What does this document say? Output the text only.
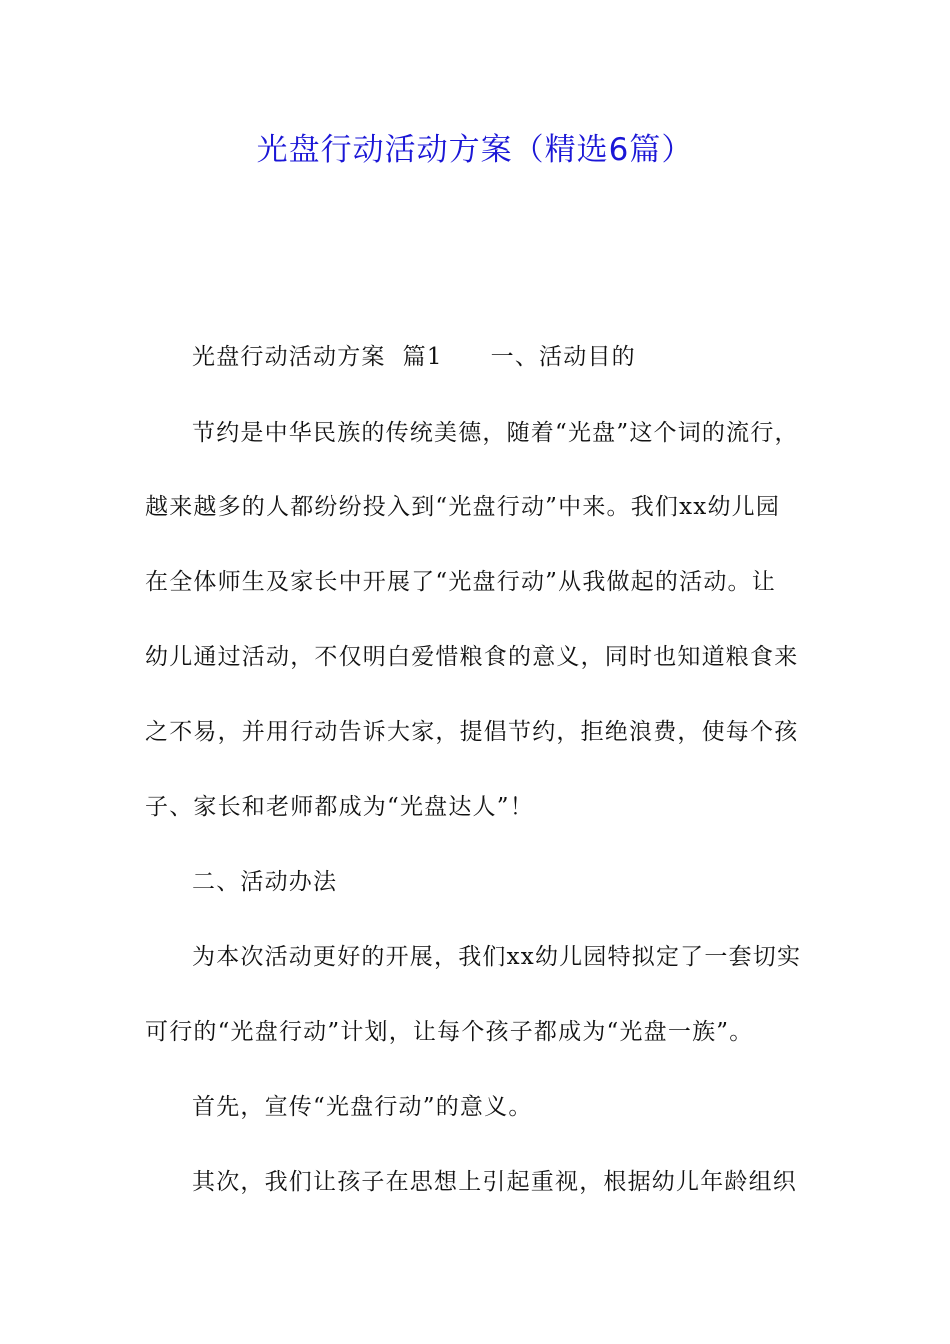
光盘行动活动方案（精选6篇）
光盘行动活动方案  篇1 一、活动目的
节约是中华民族的传统美德，随着“光盘”这个词的流行，
越来越多的人都纷纷投入到“光盘行动”中来。我们xx幼儿园
在全体师生及家长中开展了“光盘行动”从我做起的活动。让
幼儿通过活动，不仅明白爱惜粮食的意义，同时也知道粮食来
之不易，并用行动告诉大家，提倡节约，拒绝浪费，使每个孩
子、家长和老师都成为“光盘达人”！
二、活动办法
为本次活动更好的开展，我们xx幼儿园特拟定了一套切实
可行的“光盘行动”计划，让每个孩子都成为“光盘一族”。
首先，宣传“光盘行动”的意义。
其次，我们让孩子在思想上引起重视，根据幼儿年龄组织
